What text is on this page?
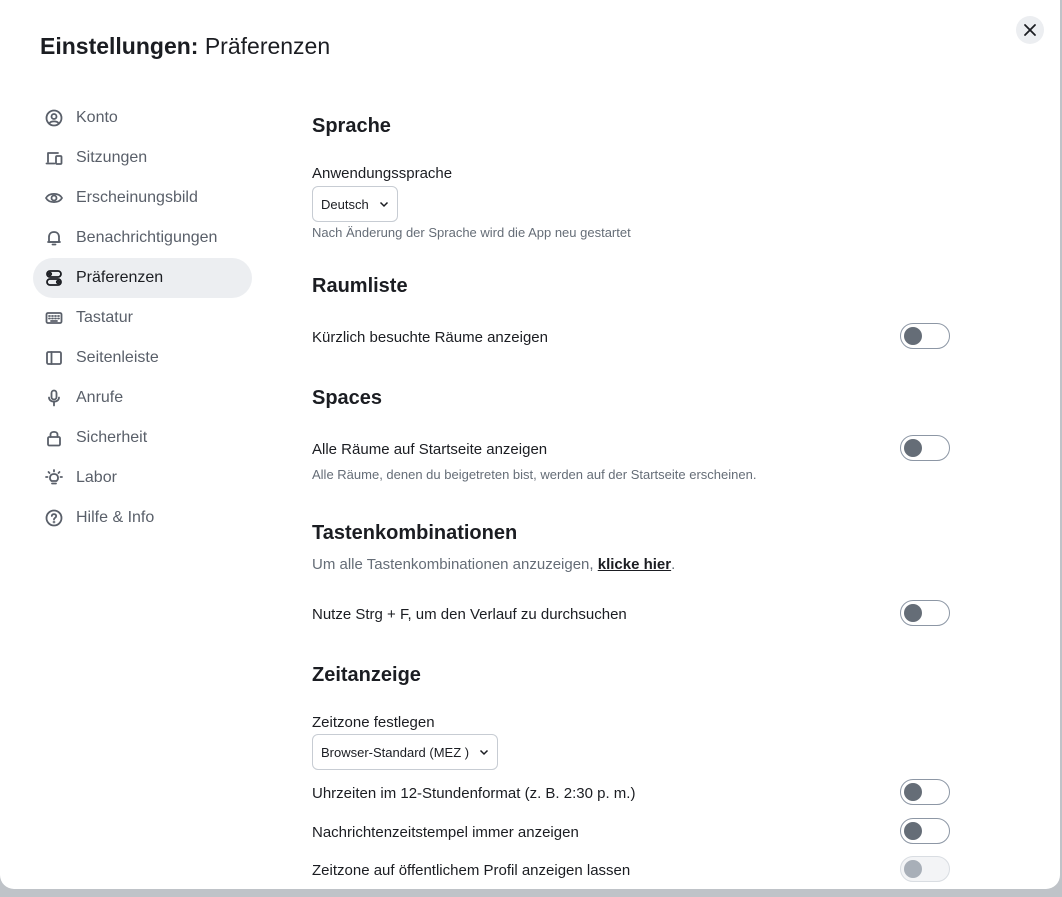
Einstellungen: Präferenzen
Konto
Sitzungen
Erscheinungsbild
Benachrichtigungen
Präferenzen
Tastatur
Seitenleiste
Anrufe
Sicherheit
Labor
Hilfe & Info
Sprache
Anwendungssprache
Deutsch
Nach Änderung der Sprache wird die App neu gestartet
Raumliste
Kürzlich besuchte Räume anzeigen
Spaces
Alle Räume auf Startseite anzeigen
Alle Räume, denen du beigetreten bist, werden auf der Startseite erscheinen.
Tastenkombinationen
Um alle Tastenkombinationen anzuzeigen, klicke hier.
Nutze Strg + F, um den Verlauf zu durchsuchen
Zeitanzeige
Zeitzone festlegen
Browser-Standard (MEZ )
Uhrzeiten im 12-Stundenformat (z. B. 2:30 p. m.)
Nachrichtenzeitstempel immer anzeigen
Zeitzone auf öffentlichem Profil anzeigen lassen
